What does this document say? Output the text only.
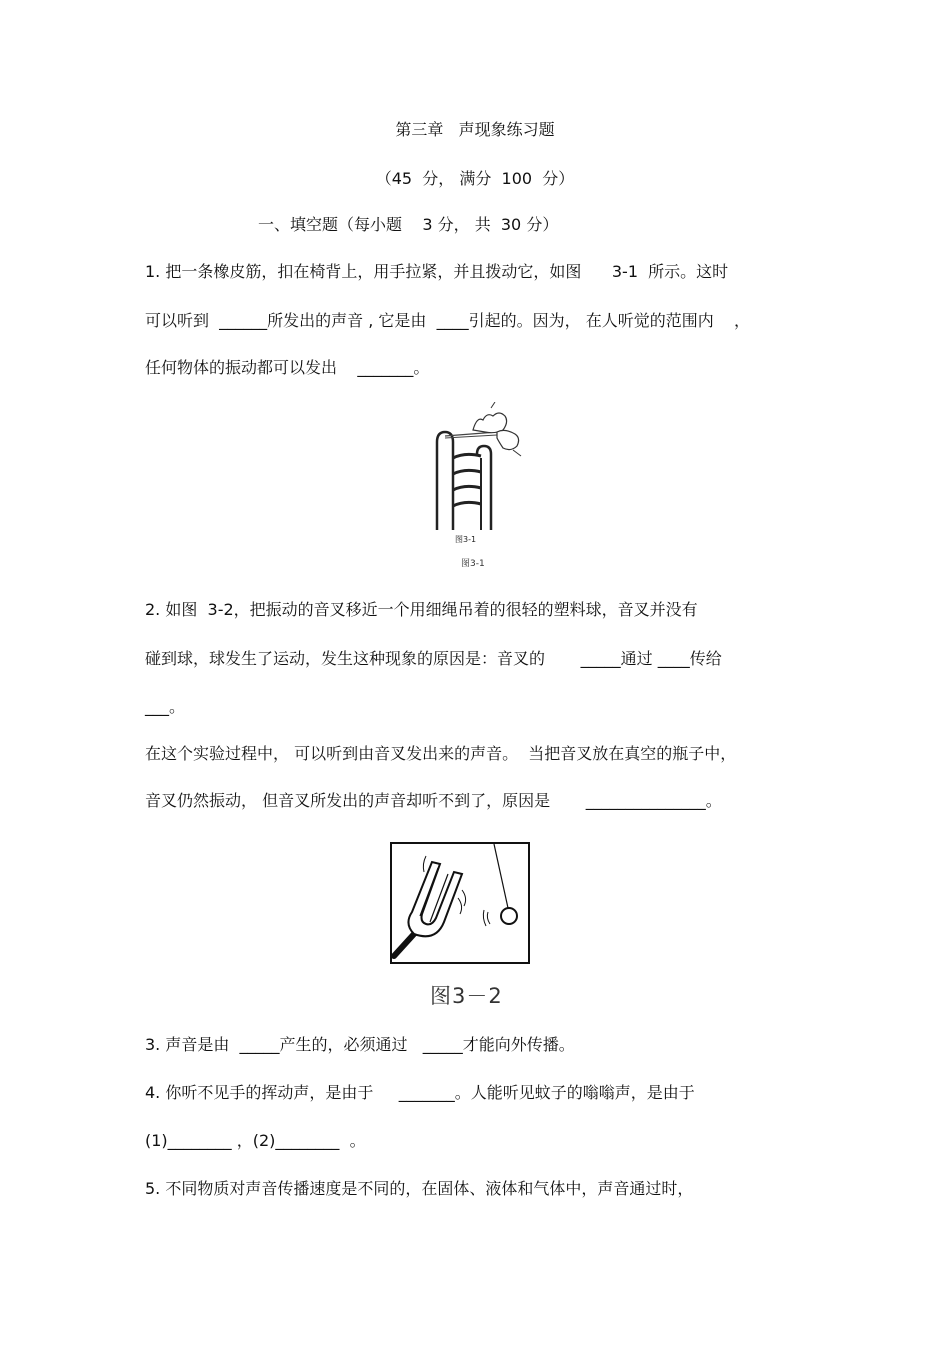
第三章   声现象练习题
（45  分， 满分  100  分）
一、填空题（每小题    3 分， 共  30 分）
1. 把一条橡皮筋，扣在椅背上，用手拉紧，并且拨动它，如图      3-1  所示。这时
可以听到  ______所发出的声音 , 它是由  ____引起的。因为， 在人听觉的范围内    ，
任何物体的振动都可以发出    _______。
图3-1
图3-1
2. 如图  3-2，把振动的音叉移近一个用细绳吊着的很轻的塑料球，音叉并没有
碰到球，球发生了运动，发生这种现象的原因是：音叉的       _____通过 ____传给
___。
在这个实验过程中， 可以听到由音叉发出来的声音。  当把音叉放在真空的瓶子中，
音叉仍然振动， 但音叉所发出的声音却听不到了，原因是       _______________。
图3－2
3. 声音是由  _____产生的，必须通过   _____才能向外传播。
4. 你听不见手的挥动声，是由于     _______。人能听见蚊子的嗡嗡声，是由于
(1)________ ，(2)________  。
5. 不同物质对声音传播速度是不同的，在固体、液体和气体中，声音通过时，
